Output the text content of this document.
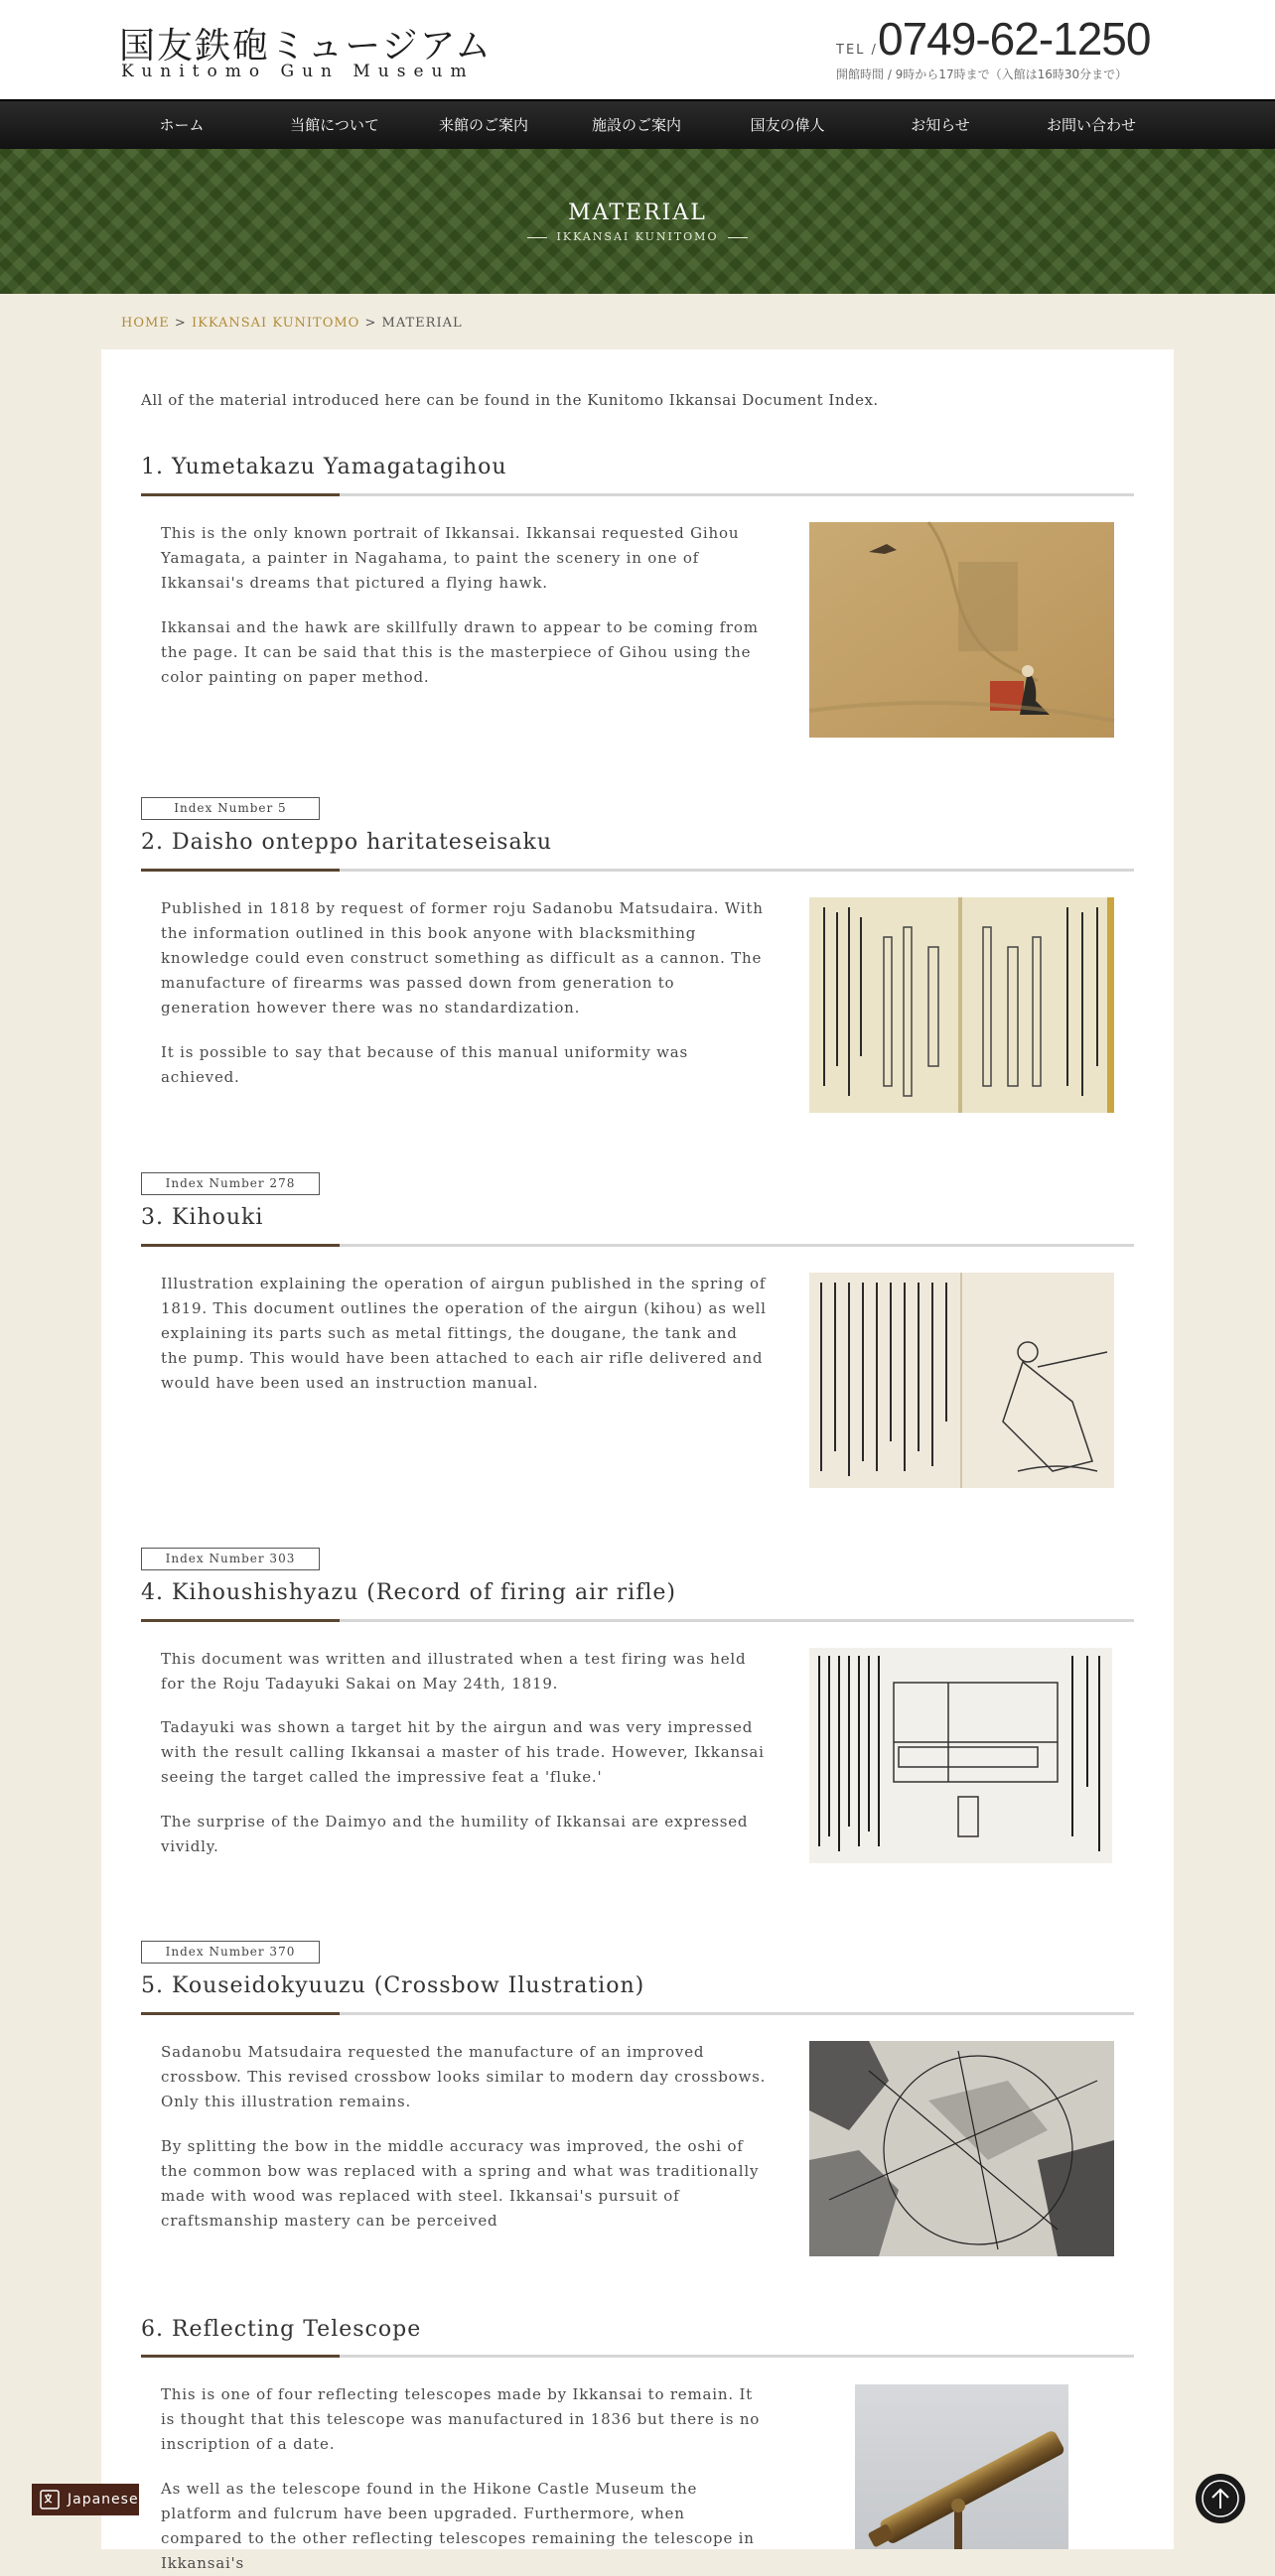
国友鉄砲ミュージアム
Kunitomo Gun Museum
TEL / 0749-62-1250
開館時間 / 9時から17時まで（入館は16時30分まで）
ホーム	当館について	来館のご案内	施設のご案内	国友の偉人	お知らせ	お問い合わせ
MATERIAL
IKKANSAI KUNITOMO
HOME > IKKANSAI KUNITOMO > MATERIAL
All of the material introduced here can be found in the Kunitomo Ikkansai Document Index.
1. Yumetakazu Yamagatagihou
This is the only known portrait of Ikkansai. Ikkansai requested Gihou Yamagata, a painter in Nagahama, to paint the scenery in one of Ikkansai's dreams that pictured a flying hawk.
Ikkansai and the hawk are skillfully drawn to appear to be coming from the page. It can be said that this is the masterpiece of Gihou using the color painting on paper method.
Index Number 5
2. Daisho onteppo haritateseisaku
Published in 1818 by request of former roju Sadanobu Matsudaira. With the information outlined in this book anyone with blacksmithing knowledge could even construct something as difficult as a cannon. The manufacture of firearms was passed down from generation to generation however there was no standardization.
It is possible to say that because of this manual uniformity was achieved.
Index Number 278
3. Kihouki
Illustration explaining the operation of airgun published in the spring of 1819. This document outlines the operation of the airgun (kihou) as well explaining its parts such as metal fittings, the dougane, the tank and the pump. This would have been attached to each air rifle delivered and would have been used an instruction manual.
Index Number 303
4. Kihoushishyazu (Record of firing air rifle)
This document was written and illustrated when a test firing was held for the Roju Tadayuki Sakai on May 24th, 1819.
Tadayuki was shown a target hit by the airgun and was very impressed with the result calling Ikkansai a master of his trade. However, Ikkansai seeing the target called the impressive feat a 'fluke.'
The surprise of the Daimyo and the humility of Ikkansai are expressed vividly.
Index Number 370
5. Kouseidokyuuzu (Crossbow Ilustration)
Sadanobu Matsudaira requested the manufacture of an improved crossbow. This revised crossbow looks similar to modern day crossbows. Only this illustration remains.
By splitting the bow in the middle accuracy was improved, the oshi of the common bow was replaced with a spring and what was traditionally made with wood was replaced with steel. Ikkansai's pursuit of craftsmanship mastery can be perceived
6. Reflecting Telescope
This is one of four reflecting telescopes made by Ikkansai to remain. It is thought that this telescope was manufactured in 1836 but there is no inscription of a date.
As well as the telescope found in the Hikone Castle Museum the platform and fulcrum have been upgraded. Furthermore, when compared to the other reflecting telescopes remaining the telescope in Ikkansai's
Japanese
